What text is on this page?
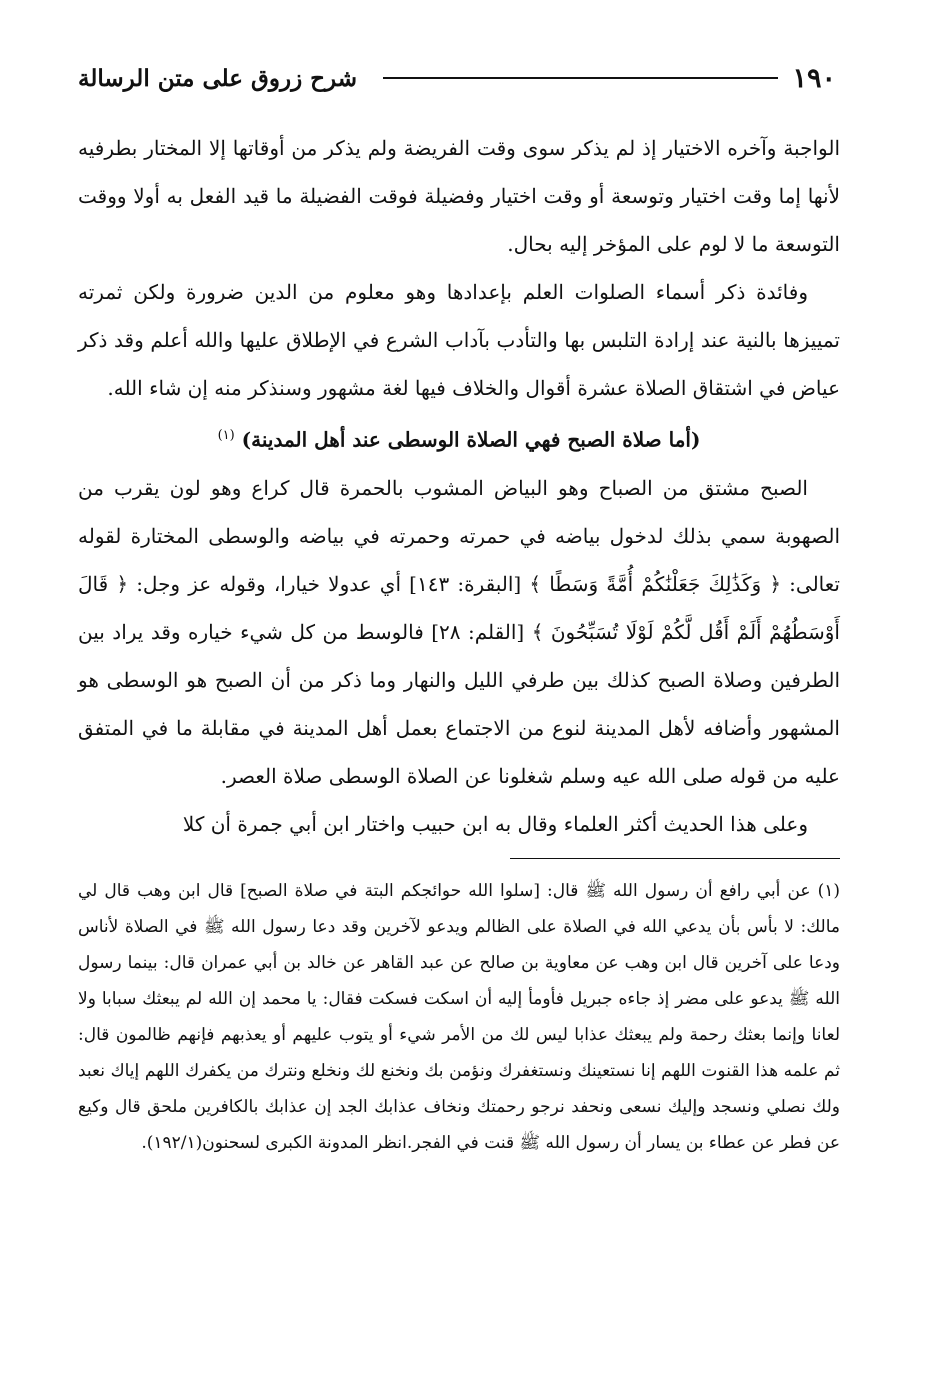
١٩٠
شرح زروق على متن الرسالة

الواجبة وآخره الاختيار إذ لم يذكر سوى وقت الفريضة ولم يذكر من أوقاتها إلا المختار بطرفيه لأنها إما وقت اختيار وتوسعة أو وقت اختيار وفضيلة فوقت الفضيلة ما قيد الفعل به أولا ووقت التوسعة ما لا لوم على المؤخر إليه بحال.

وفائدة ذكر أسماء الصلوات العلم بإعدادها وهو معلوم من الدين ضرورة ولكن ثمرته تمييزها بالنية عند إرادة التلبس بها والتأدب بآداب الشرع في الإطلاق عليها والله أعلم وقد ذكر عياض في اشتقاق الصلاة عشرة أقوال والخلاف فيها لغة مشهور وسنذكر منه إن شاء الله.

(أما صلاة الصبح فهي الصلاة الوسطى عند أهل المدينة) $^{(١)}$

الصبح مشتق من الصباح وهو البياض المشوب بالحمرة قال كراع وهو لون يقرب من الصهوبة سمي بذلك لدخول بياضه في حمرته وحمرته في بياضه والوسطى المختارة لقوله تعالى: ﴿ وَكَذَٰلِكَ جَعَلْنَٰكُمْ أُمَّةً وَسَطًا ﴾ [البقرة: ١٤٣] أي عدولا خيارا، وقوله عز وجل: ﴿ قَالَ أَوْسَطُهُمْ أَلَمْ أَقُل لَّكُمْ لَوْلَا تُسَبِّحُونَ ﴾ [القلم: ٢٨] فالوسط من كل شيء خياره وقد يراد بين الطرفين وصلاة الصبح كذلك بين طرفي الليل والنهار وما ذكر من أن الصبح هو الوسطى هو المشهور وأضافه لأهل المدينة لنوع من الاجتماع بعمل أهل المدينة في مقابلة ما في المتفق عليه من قوله صلى الله عيه وسلم شغلونا عن الصلاة الوسطى صلاة العصر.

وعلى هذا الحديث أكثر العلماء وقال به ابن حبيب واختار ابن أبي جمرة أن كلا

(١) عن أبي رافع أن رسول الله ﷺ قال: [سلوا الله حوائجكم البتة في صلاة الصبح] قال ابن وهب قال لي مالك: لا بأس بأن يدعي الله في الصلاة على الظالم ويدعو لآخرين وقد دعا رسول الله ﷺ في الصلاة لأناس ودعا على آخرين قال ابن وهب عن معاوية بن صالح عن عبد القاهر عن خالد بن أبي عمران قال: بينما رسول الله ﷺ يدعو على مضر إذ جاءه جبريل فأومأ إليه أن اسكت فسكت فقال: يا محمد إن الله لم يبعثك سبابا ولا لعانا وإنما بعثك رحمة ولم يبعثك عذابا ليس لك من الأمر شيء أو يتوب عليهم أو يعذبهم فإنهم ظالمون قال: ثم علمه هذا القنوت اللهم إنا نستعينك ونستغفرك ونؤمن بك ونخنع لك ونخلع ونترك من يكفرك اللهم إياك نعبد ولك نصلي ونسجد وإليك نسعى ونحفد نرجو رحمتك ونخاف عذابك الجد إن عذابك بالكافرين ملحق قال وكيع عن فطر عن عطاء بن يسار أن رسول الله ﷺ قنت في الفجر.انظر المدونة الكبرى لسحنون(١٩٢/١).
